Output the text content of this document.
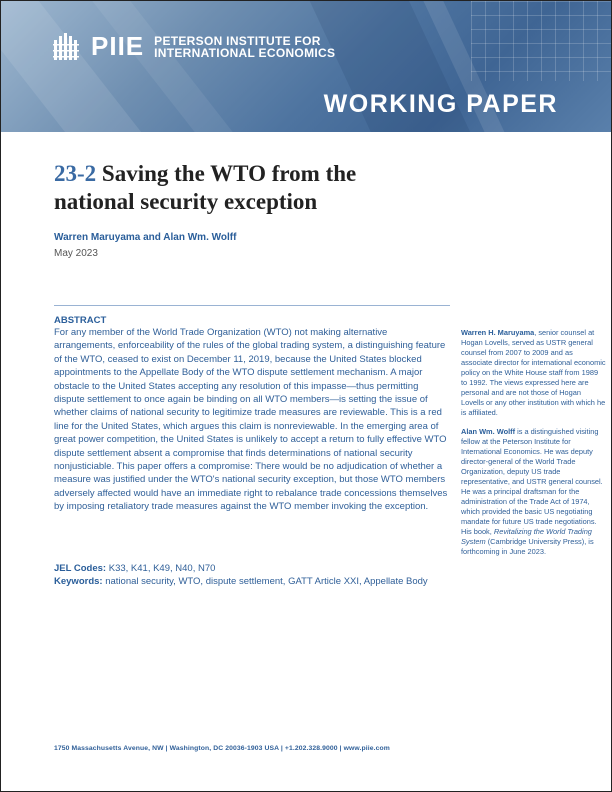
PIIE PETERSON INSTITUTE FOR
INTERNATIONAL ECONOMICS
WORKING PAPER
23-2 Saving the WTO from the national security exception
Warren Maruyama and Alan Wm. Wolff
May 2023
ABSTRACT
For any member of the World Trade Organization (WTO) not making alternative arrangements, enforceability of the rules of the global trading system, a distinguishing feature of the WTO, ceased to exist on December 11, 2019, because the United States blocked appointments to the Appellate Body of the WTO dispute settlement mechanism. A major obstacle to the United States accepting any resolution of this impasse—thus permitting dispute settlement to once again be binding on all WTO members—is setting the issue of whether claims of national security to legitimize trade measures are reviewable. This is a red line for the United States, which argues this claim is nonreviewable. In the emerging area of great power competition, the United States is unlikely to accept a return to fully effective WTO dispute settlement absent a compromise that finds determinations of national security nonjusticiable. This paper offers a compromise: There would be no adjudication of whether a measure was justified under the WTO's national security exception, but those WTO members adversely affected would have an immediate right to rebalance trade concessions themselves by imposing retaliatory trade measures against the WTO member invoking the exception.
JEL Codes: K33, K41, K49, N40, N70
Keywords: national security, WTO, dispute settlement, GATT Article XXI, Appellate Body

Warren H. Maruyama, senior counsel at Hogan Lovells, served as USTR general counsel from 2007 to 2009 and as associate director for international economic policy on the White House staff from 1989 to 1992. The views expressed here are personal and are not those of Hogan Lovells or any other institution with which he is affiliated.

Alan Wm. Wolff is a distinguished visiting fellow at the Peterson Institute for International Economics. He was deputy director-general of the World Trade Organization, deputy US trade representative, and USTR general counsel. He was a principal draftsman for the administration of the Trade Act of 1974, which provided the basic US negotiating mandate for future US trade negotiations. His book, Revitalizing the World Trading System (Cambridge University Press), is forthcoming in June 2023.

1750 Massachusetts Avenue, NW | Washington, DC 20036-1903 USA | +1.202.328.9000 | www.piie.com
